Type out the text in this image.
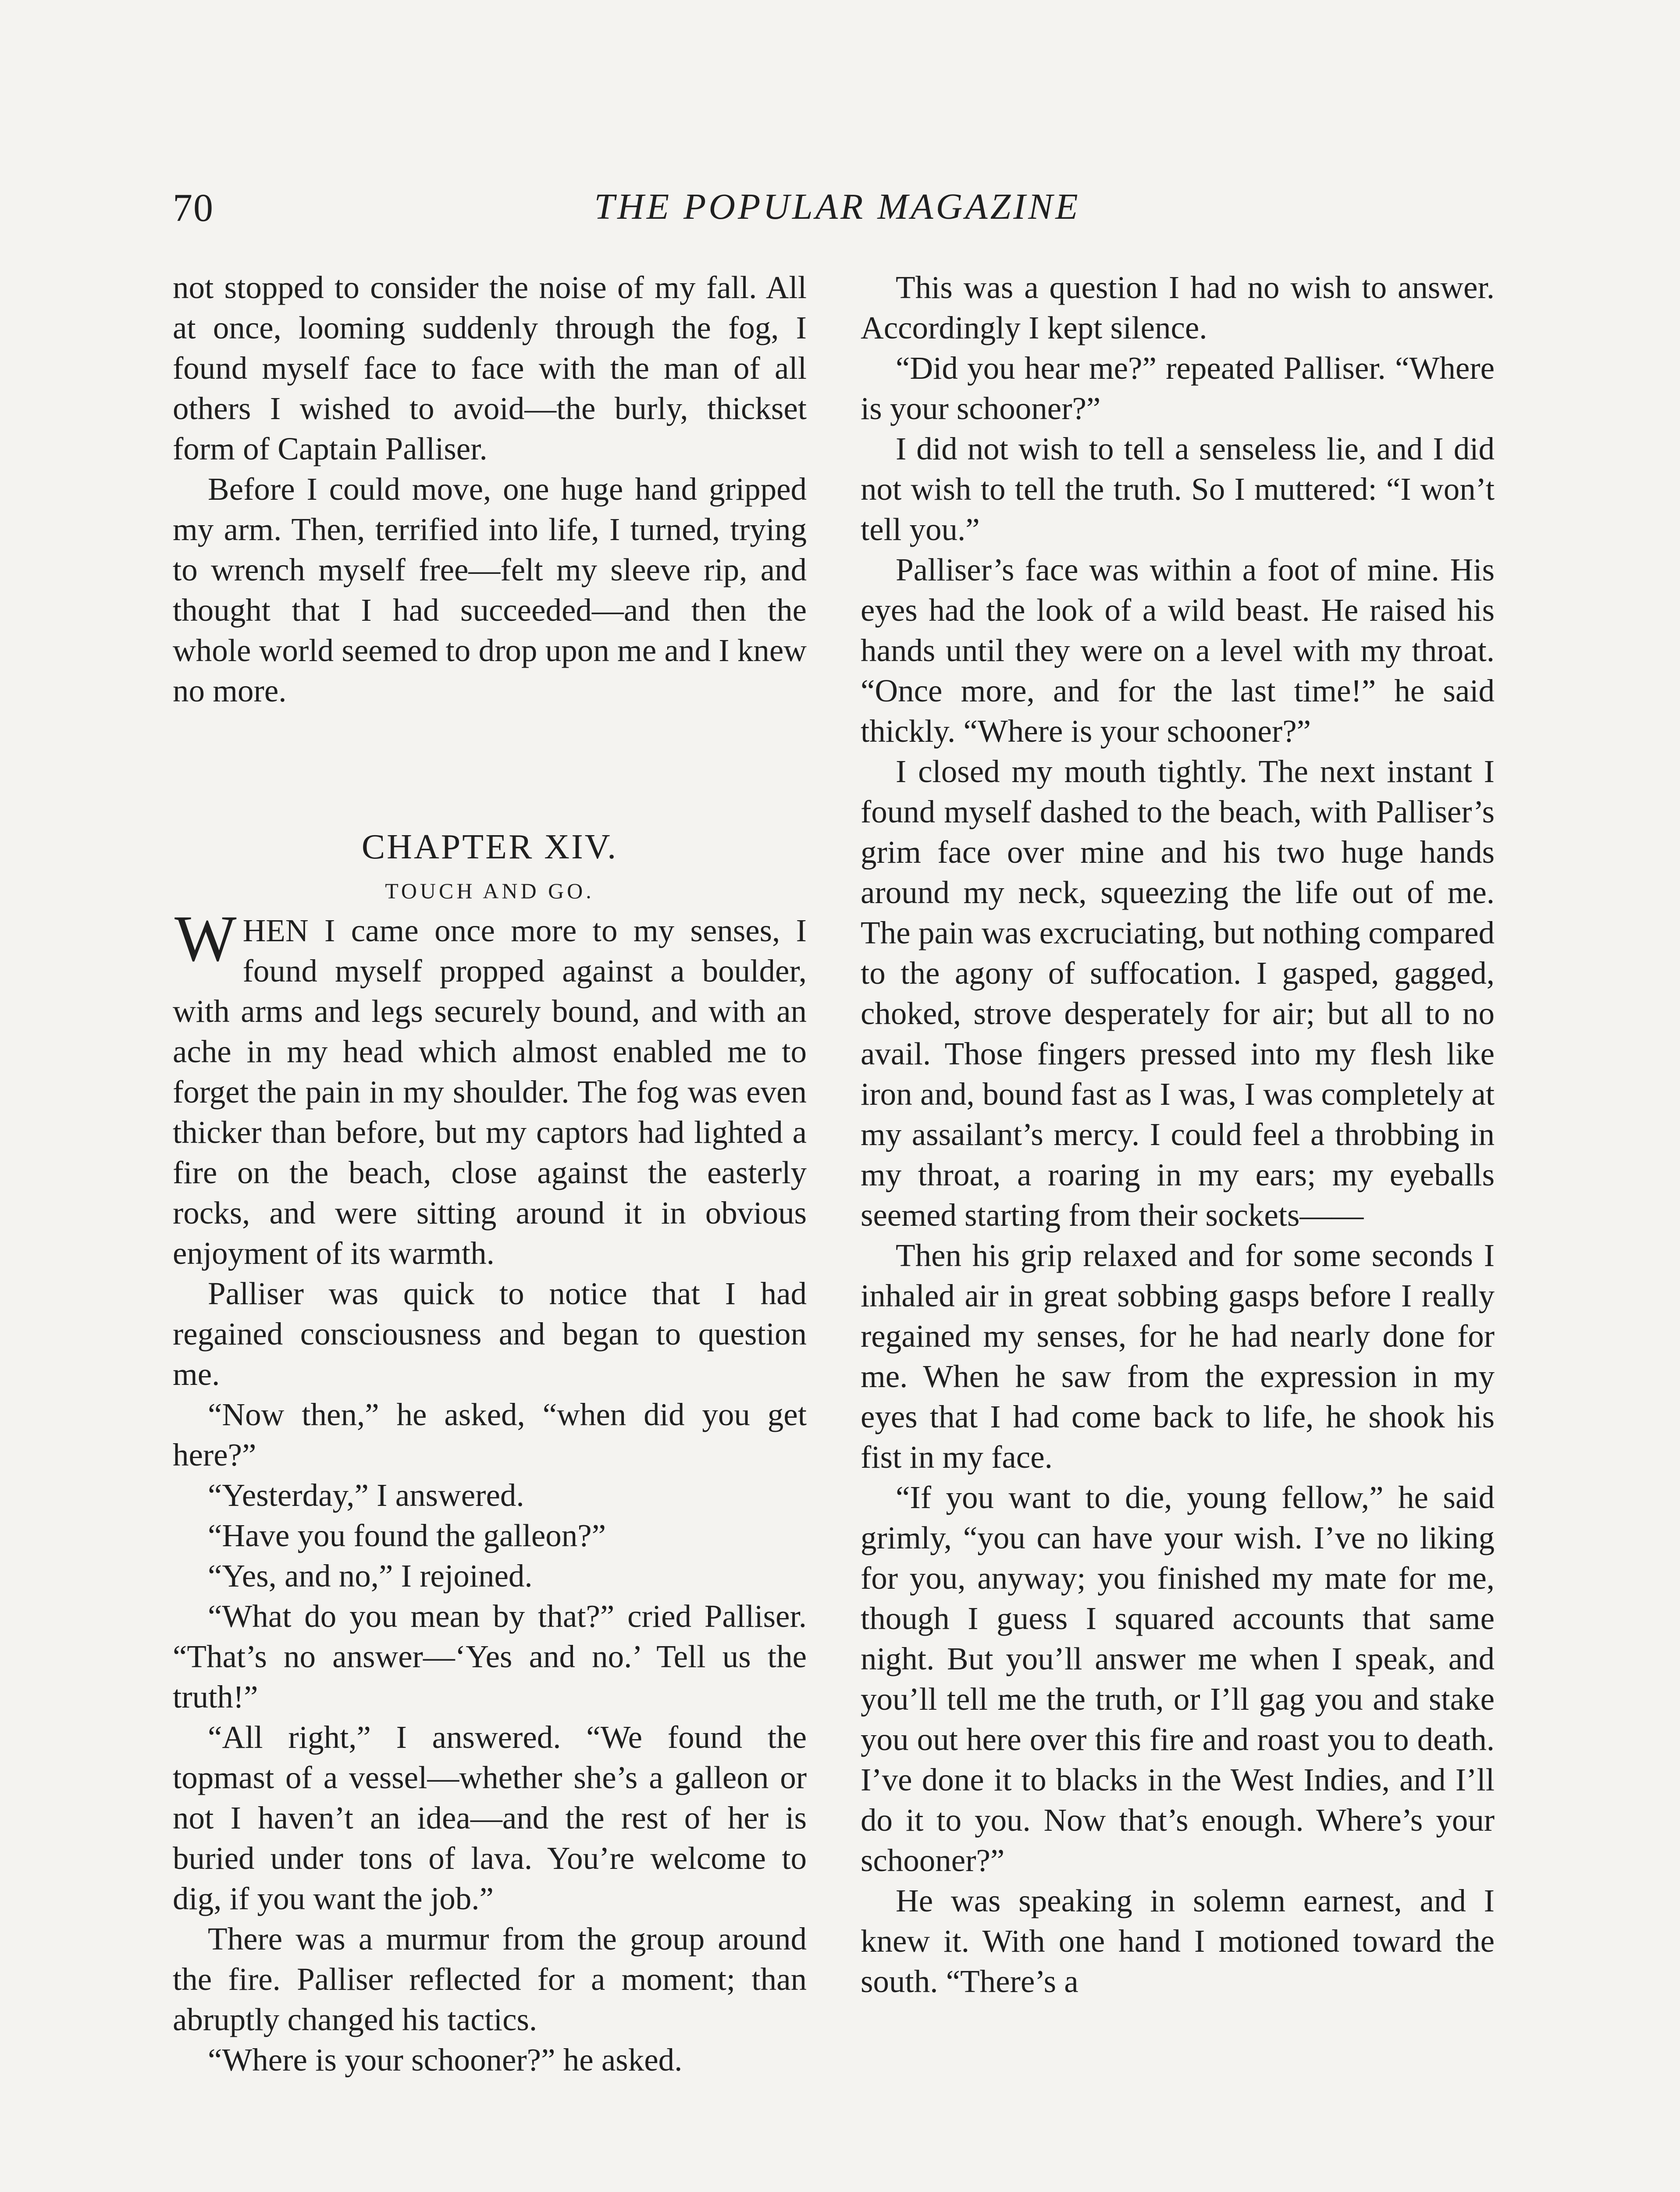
70	THE POPULAR MAGAZINE

not stopped to consider the noise of my fall. All at once, looming suddenly through the fog, I found myself face to face with the man of all others I wished to avoid—the burly, thickset form of Captain Palliser.

Before I could move, one huge hand gripped my arm. Then, terrified into life, I turned, trying to wrench myself free—felt my sleeve rip, and thought that I had succeeded—and then the whole world seemed to drop upon me and I knew no more.

CHAPTER XIV.
TOUCH AND GO.

WHEN I came once more to my senses, I found myself propped against a boulder, with arms and legs securely bound, and with an ache in my head which almost enabled me to forget the pain in my shoulder. The fog was even thicker than before, but my captors had lighted a fire on the beach, close against the easterly rocks, and were sitting around it in obvious enjoyment of its warmth.

Palliser was quick to notice that I had regained consciousness and began to question me.

“Now then,” he asked, “when did you get here?”

“Yesterday,” I answered.

“Have you found the galleon?”

“Yes, and no,” I rejoined.

“What do you mean by that?” cried Palliser. “That’s no answer—‘Yes and no.’ Tell us the truth!”

“All right,” I answered. “We found the topmast of a vessel—whether she’s a galleon or not I haven’t an idea—and the rest of her is buried under tons of lava. You’re welcome to dig, if you want the job.”

There was a murmur from the group around the fire. Palliser reflected for a moment; than abruptly changed his tactics.

“Where is your schooner?” he asked.

This was a question I had no wish to answer. Accordingly I kept silence.

“Did you hear me?” repeated Palliser. “Where is your schooner?”

I did not wish to tell a senseless lie, and I did not wish to tell the truth. So I muttered: “I won’t tell you.”

Palliser’s face was within a foot of mine. His eyes had the look of a wild beast. He raised his hands until they were on a level with my throat. “Once more, and for the last time!” he said thickly. “Where is your schooner?”

I closed my mouth tightly. The next instant I found myself dashed to the beach, with Palliser’s grim face over mine and his two huge hands around my neck, squeezing the life out of me. The pain was excruciating, but nothing compared to the agony of suffocation. I gasped, gagged, choked, strove desperately for air; but all to no avail. Those fingers pressed into my flesh like iron and, bound fast as I was, I was completely at my assailant’s mercy. I could feel a throbbing in my throat, a roaring in my ears; my eyeballs seemed starting from their sockets——

Then his grip relaxed and for some seconds I inhaled air in great sobbing gasps before I really regained my senses, for he had nearly done for me. When he saw from the expression in my eyes that I had come back to life, he shook his fist in my face.

“If you want to die, young fellow,” he said grimly, “you can have your wish. I’ve no liking for you, anyway; you finished my mate for me, though I guess I squared accounts that same night. But you’ll answer me when I speak, and you’ll tell me the truth, or I’ll gag you and stake you out here over this fire and roast you to death. I’ve done it to blacks in the West Indies, and I’ll do it to you. Now that’s enough. Where’s your schooner?”

He was speaking in solemn earnest, and I knew it. With one hand I motioned toward the south. “There’s a
